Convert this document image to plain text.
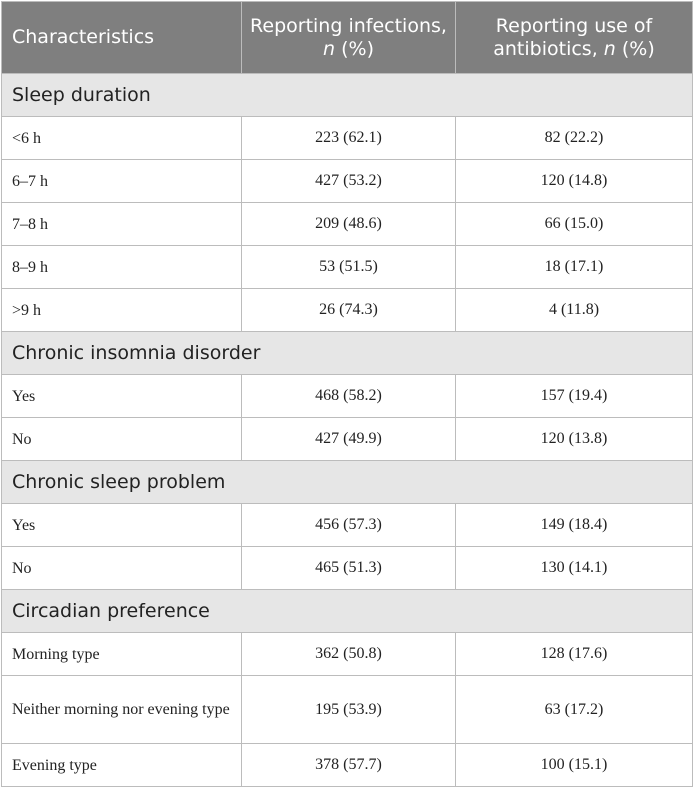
Characteristics	Reporting infections, n (%)	Reporting use of antibiotics, n (%)
Sleep duration		
<6 h	223 (62.1)	82 (22.2)
6–7 h	427 (53.2)	120 (14.8)
7–8 h	209 (48.6)	66 (15.0)
8–9 h	53 (51.5)	18 (17.1)
>9 h	26 (74.3)	4 (11.8)
Chronic insomnia disorder		
Yes	468 (58.2)	157 (19.4)
No	427 (49.9)	120 (13.8)
Chronic sleep problem		
Yes	456 (57.3)	149 (18.4)
No	465 (51.3)	130 (14.1)
Circadian preference		
Morning type	362 (50.8)	128 (17.6)
Neither morning nor evening type	195 (53.9)	63 (17.2)
Evening type	378 (57.7)	100 (15.1)
